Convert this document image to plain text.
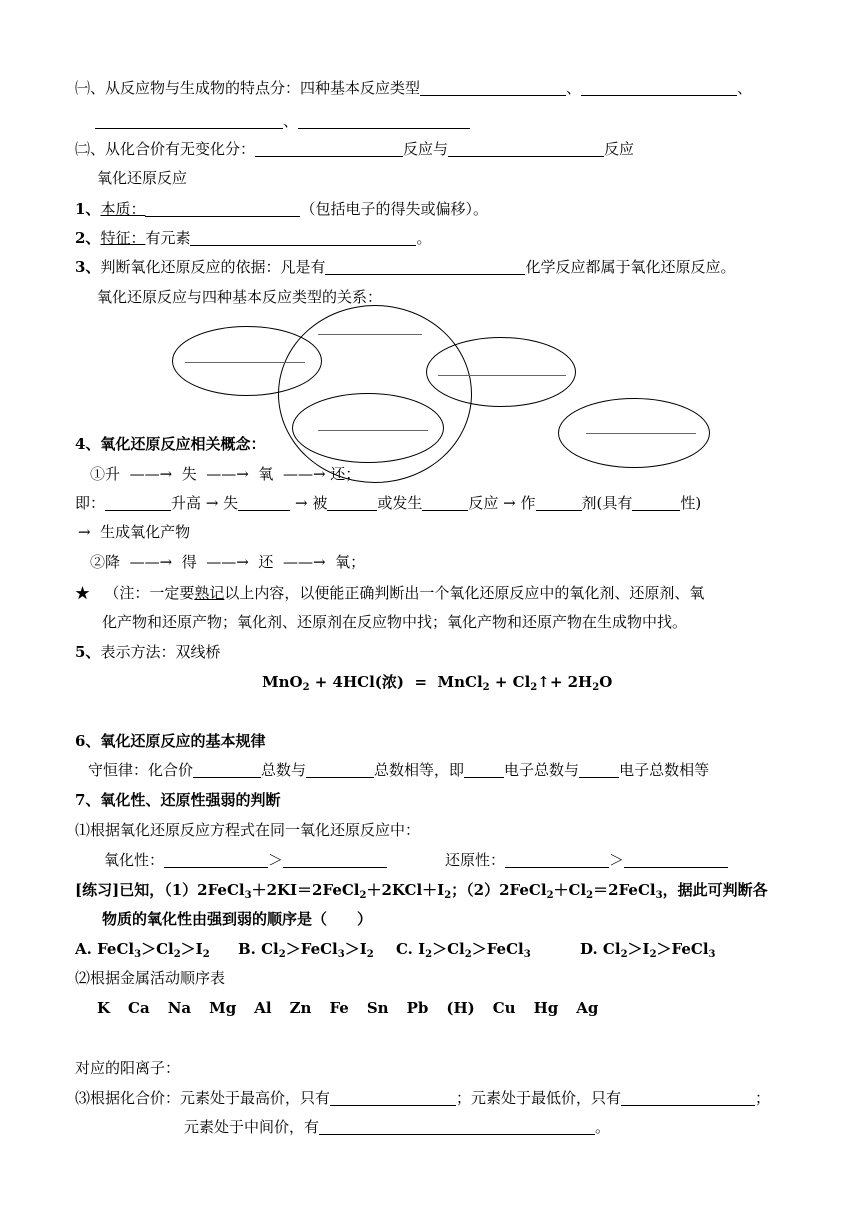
㈠、从反应物与生成物的特点分：四种基本反应类型	、	、
、
㈡、从化合价有无变化分：	反应与	反应
氧化还原反应
1、本质：	（包括电子的得失或偏移）。
2、特征：有元素	。
3、判断氧化还原反应的依据：凡是有	化学反应都属于氧化还原反应。
氧化还原反应与四种基本反应类型的关系：
4、氧化还原反应相关概念：
①升 ——→ 失 ——→ 氧 ——→ 还；
即：	升高 → 失	→ 被	或发生	反应 → 作	剂(具有	性)
→ 生成氧化产物
②降 ——→ 得 ——→ 还 ——→ 氧；
★ （注：一定要熟记以上内容，以便能正确判断出一个氧化还原反应中的氧化剂、还原剂、氧
化产物和还原产物；氧化剂、还原剂在反应物中找；氧化产物和还原产物在生成物中找。
5、表示方法：双线桥
MnO$_2$ + 4HCl(浓)  =  MnCl$_2$ + $Cl_2↑+ 2H_2O$
6、氧化还原反应的基本规律
守恒律：化合价	总数与	总数相等，即	电子总数与	电子总数相等
7、氧化性、还原性强弱的判断
⑴根据氧化还原反应方程式在同一氧化还原反应中：
氧化性：	＞	还原性：	＞
[练习]已知，$(1)2FeCl_3+2KI=2FeCl_2+2KCl+I_2$；$(2)2FeCl_2+Cl_2=2FeCl_3$，据此可判断各
物质的氧化性由强到弱的顺序是（　　）
A. $FeCl_3>Cl_2>I_2$ B. $Cl_2>FeCl_3>I_2$ C. $I_2>Cl_2>FeCl_3$	D. $Cl_2>I_2>FeCl_3$
⑵根据金属活动顺序表
K Ca Na Mg Al Zn Fe Sn Pb (H) Cu Hg Ag
对应的阳离子：
⑶根据化合价：元素处于最高价，只有	；元素处于最低价，只有	；
元素处于中间价，有	。
